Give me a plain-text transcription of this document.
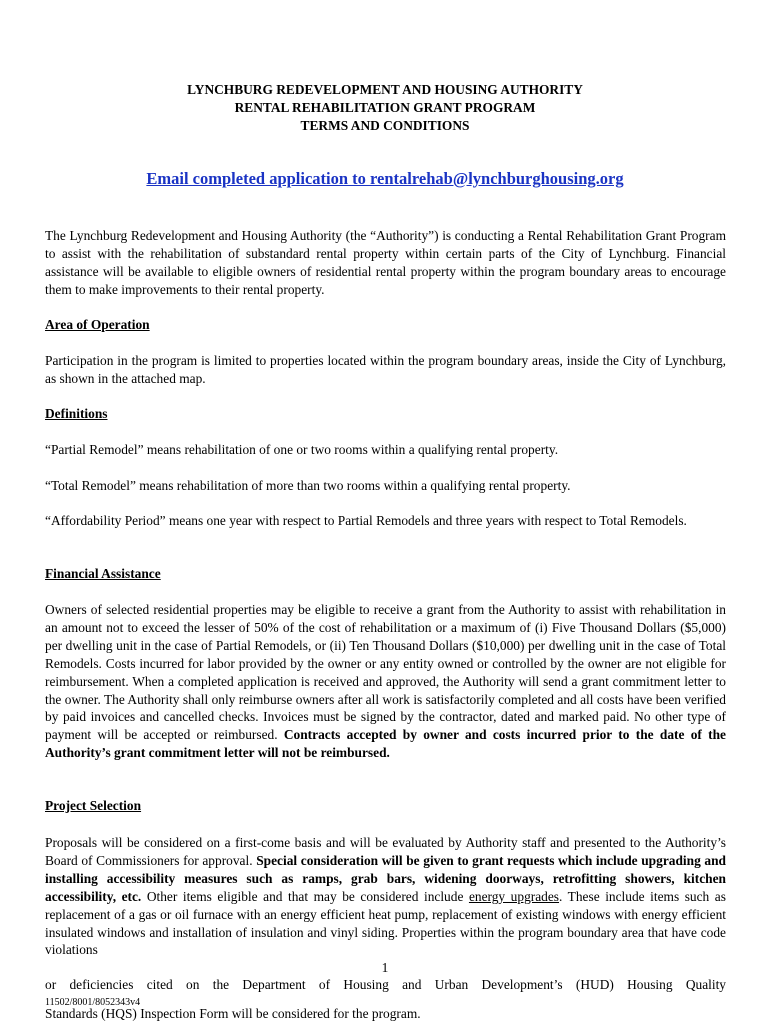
LYNCHBURG REDEVELOPMENT AND HOUSING AUTHORITY
RENTAL REHABILITATION GRANT PROGRAM
TERMS AND CONDITIONS
Email completed application to rentalrehab@lynchburghousing.org

The Lynchburg Redevelopment and Housing Authority (the “Authority”) is conducting a Rental Rehabilitation Grant Program to assist with the rehabilitation of substandard rental property within certain parts of the City of Lynchburg. Financial assistance will be available to eligible owners of residential rental property within the program boundary areas to encourage them to make improvements to their rental property.

Area of Operation

Participation in the program is limited to properties located within the program boundary areas, inside the City of Lynchburg, as shown in the attached map.

Definitions

“Partial Remodel” means rehabilitation of one or two rooms within a qualifying rental property.

“Total Remodel” means rehabilitation of more than two rooms within a qualifying rental property.

“Affordability Period” means one year with respect to Partial Remodels and three years with respect to Total Remodels.

Financial Assistance

Owners of selected residential properties may be eligible to receive a grant from the Authority to assist with rehabilitation in an amount not to exceed the lesser of 50% of the cost of rehabilitation or a maximum of (i) Five Thousand Dollars ($5,000) per dwelling unit in the case of Partial Remodels, or (ii) Ten Thousand Dollars ($10,000) per dwelling unit in the case of Total Remodels. Costs incurred for labor provided by the owner or any entity owned or controlled by the owner are not eligible for reimbursement. When a completed application is received and approved, the Authority will send a grant commitment letter to the owner. The Authority shall only reimburse owners after all work is satisfactorily completed and all costs have been verified by paid invoices and cancelled checks. Invoices must be signed by the contractor, dated and marked paid. No other type of payment will be accepted or reimbursed. Contracts accepted by owner and costs incurred prior to the date of the Authority’s grant commitment letter will not be reimbursed.

Project Selection

Proposals will be considered on a first-come basis and will be evaluated by Authority staff and presented to the Authority’s Board of Commissioners for approval. Special consideration will be given to grant requests which include upgrading and installing accessibility measures such as ramps, grab bars, widening doorways, retrofitting showers, kitchen accessibility, etc. Other items eligible and that may be considered include energy upgrades. These include items such as replacement of a gas or oil furnace with an energy efficient heat pump, replacement of existing windows with energy efficient insulated windows and installation of insulation and vinyl siding. Properties within the program boundary area that have code violations

1
or deficiencies cited on the Department of Housing and Urban Development’s (HUD) Housing Quality
11502/8001/8052343v4
Standards (HQS) Inspection Form will be considered for the program.
